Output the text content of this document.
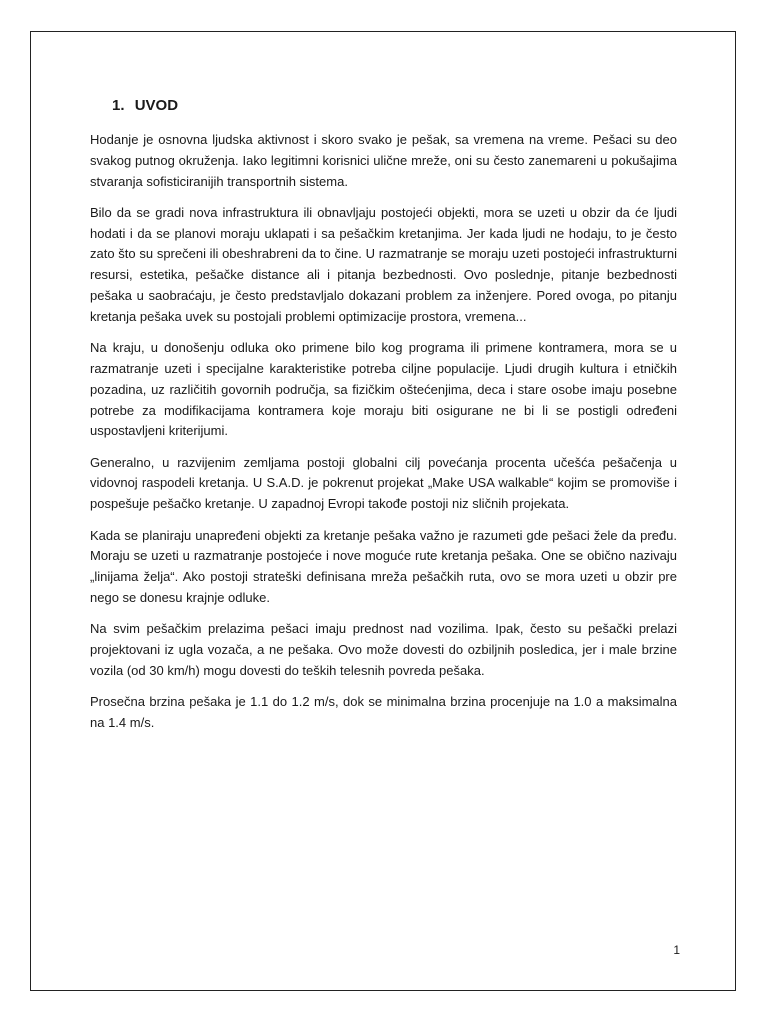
1. UVOD

Hodanje je osnovna ljudska aktivnost i skoro svako je pešak, sa vremena na vreme. Pešaci su deo svakog putnog okruženja. Iako legitimni korisnici ulične mreže, oni su često zanemareni u pokušajima stvaranja sofisticiranijih transportnih sistema.

Bilo da se gradi nova infrastruktura ili obnavljaju postojeći objekti, mora se uzeti u obzir da će ljudi hodati i da se planovi moraju uklapati i sa pešačkim kretanjima. Jer kada ljudi ne hodaju, to je često zato što su sprečeni ili obeshrabreni da to čine. U razmatranje se moraju uzeti postojeći infrastrukturni resursi, estetika, pešačke distance ali i pitanja bezbednosti. Ovo poslednje, pitanje bezbednosti pešaka u saobraćaju, je često predstavljalo dokazani problem za inženjere. Pored ovoga, po pitanju kretanja pešaka uvek su postojali problemi optimizacije prostora, vremena...

Na kraju, u donošenju odluka oko primene bilo kog programa ili primene kontramera, mora se u razmatranje uzeti i specijalne karakteristike potreba ciljne populacije. Ljudi drugih kultura i etničkih pozadina, uz različitih govornih područja, sa fizičkim oštećenjima, deca i stare osobe imaju posebne potrebe za modifikacijama kontramera koje moraju biti osigurane ne bi li se postigli određeni uspostavljeni kriterijumi.

Generalno, u razvijenim zemljama postoji globalni cilj povećanja procenta učešća pešačenja u vidovnoj raspodeli kretanja. U S.A.D. je pokrenut projekat „Make USA walkable“ kojim se promoviše i pospešuje pešačko kretanje. U zapadnoj Evropi takođe postoji niz sličnih projekata.

Kada se planiraju unapređeni objekti za kretanje pešaka važno je razumeti gde pešaci žele da pređu. Moraju se uzeti u razmatranje postojeće i nove moguće rute kretanja pešaka. One se obično nazivaju „linijama želja“. Ako postoji strateški definisana mreža pešačkih ruta, ovo se mora uzeti u obzir pre nego se donesu krajnje odluke.

Na svim pešačkim prelazima pešaci imaju prednost nad vozilima. Ipak, često su pešački prelazi projektovani iz ugla vozača, a ne pešaka. Ovo može dovesti do ozbiljnih posledica, jer i male brzine vozila (od 30 km/h) mogu dovesti do teških telesnih povreda pešaka.

Prosečna brzina pešaka je 1.1 do 1.2 m/s, dok se minimalna brzina procenjuje na 1.0 a maksimalna na 1.4 m/s.

1
